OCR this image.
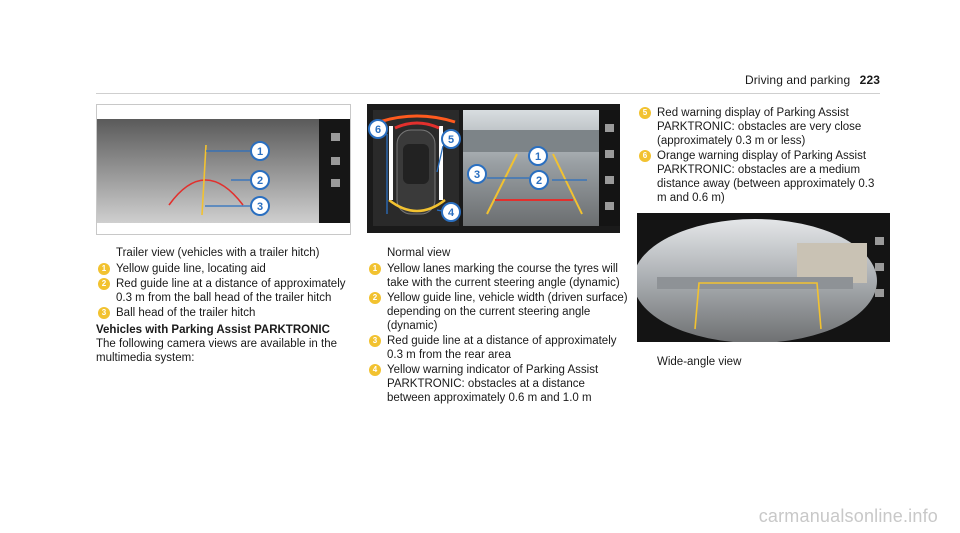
Driving and parking 223
1
2
3
6
5
1
3	2
4

Trailer view (vehicles with a trailer hitch)

1 Yellow guide line, locating aid

2 Red guide line at a distance of approximately 0.3 m from the ball head of the trailer hitch

3 Ball head of the trailer hitch

Vehicles with Parking Assist PARKTRONIC

The following camera views are available in the multimedia system:

Normal view

1 Yellow lanes marking the course the tyres will take with the current steering angle (dynamic)

2 Yellow guide line, vehicle width (driven surface) depending on the current steering angle (dynamic)

3 Red guide line at a distance of approximately 0.3 m from the rear area

4 Yellow warning indicator of Parking Assist PARKTRONIC: obstacles at a distance between approximately 0.6 m and 1.0 m

5 Red warning display of Parking Assist PARKTRONIC: obstacles are very close (approximately 0.3 m or less)

6 Orange warning display of Parking Assist PARKTRONIC: obstacles are a medium distance away (between approximately 0.3 m and 0.6 m)

Wide-angle view

carmanualsonline.info
